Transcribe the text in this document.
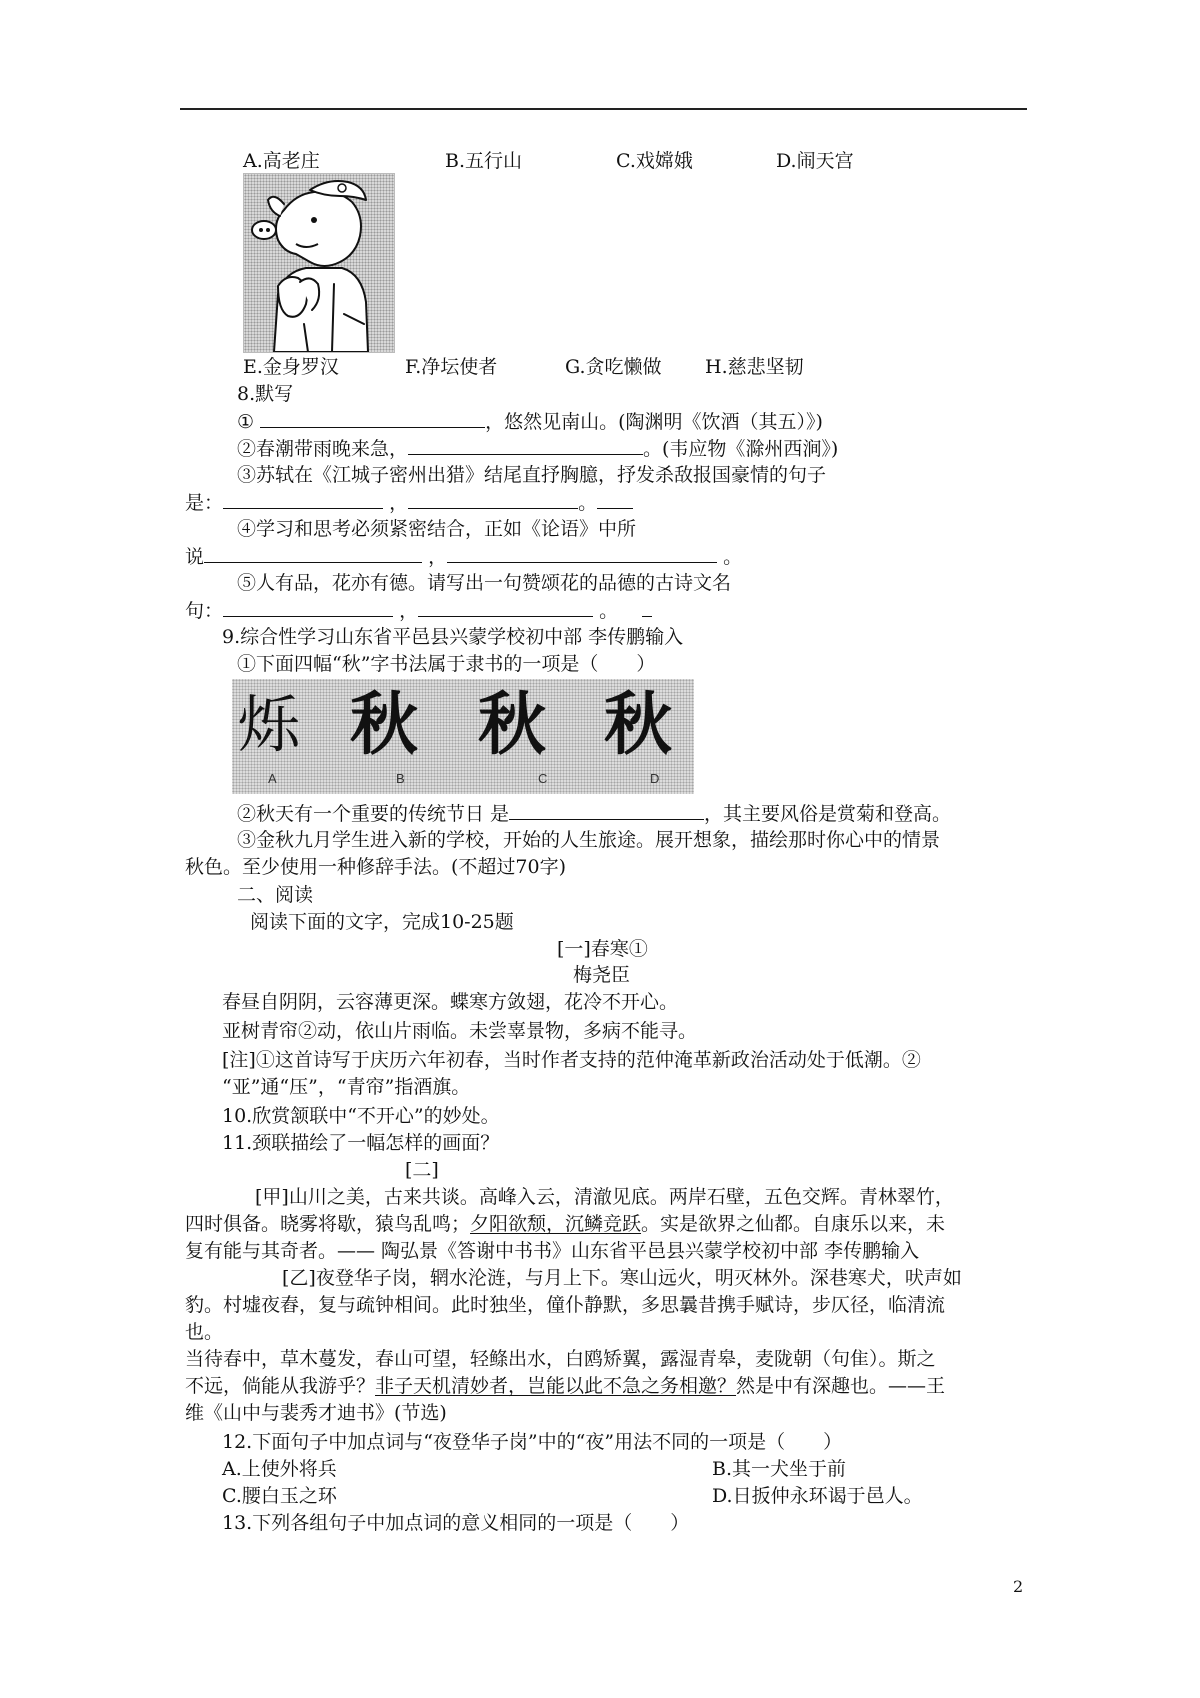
A.高老庄	B.五行山	C.戏嫦娥	D.闹天宫
E.金身罗汉	F.净坛使者	G.贪吃懒做 H.慈悲坚韧
8.默写
①	，悠然见南山。(陶渊明《饮酒（其五）》)
②春潮带雨晚来急，	。(韦应物《滁州西涧》)
③苏轼在《江城子密州出猎》结尾直抒胸臆，抒发杀敌报国豪情的句子
是：	，	。
④学习和思考必须紧密结合，正如《论语》中所
说	，	。
⑤人有品，花亦有德。请写出一句赞颂花的品德的古诗文名
句：	，	。
9.综合性学习山东省平邑县兴蒙学校初中部 李传鹏输入
①下面四幅“秋”字书法属于隶书的一项是（　　）
烁 秋 秋 秋
A	B	C	D
②秋天有一个重要的传统节日 是	，其主要风俗是赏菊和登高。
③金秋九月学生进入新的学校，开始的人生旅途。展开想象，描绘那时你心中的情景
秋色。至少使用一种修辞手法。(不超过70字)
二、阅读
阅读下面的文字，完成10-25题
[一]春寒①
梅尧臣
春昼自阴阴，云容薄更深。蝶寒方敛翅，花冷不开心。
亚树青帘②动，依山片雨临。未尝辜景物，多病不能寻。
[注]①这首诗写于庆历六年初春，当时作者支持的范仲淹革新政治活动处于低潮。②
“亚”通“压”，“青帘”指酒旗。
10.欣赏颔联中“不开心”的妙处。
11.颈联描绘了一幅怎样的画面？
[二]
[甲]山川之美，古来共谈。高峰入云，清澈见底。两岸石壁，五色交辉。青林翠竹，
四时俱备。晓雾将歇，猿鸟乱鸣；夕阳欲颓，沉鳞竞跃。实是欲界之仙都。自康乐以来，未
复有能与其奇者。—— 陶弘景《答谢中书书》山东省平邑县兴蒙学校初中部 李传鹏输入
[乙]夜登华子岗，辋水沦涟，与月上下。寒山远火，明灭林外。深巷寒犬，吠声如
豹。村墟夜舂，复与疏钟相间。此时独坐，僮仆静默，多思曩昔携手赋诗，步仄径，临清流
也。
当待春中，草木蔓发，春山可望，轻鲦出水，白鸥矫翼，露湿青皋，麦陇朝（句隹）。斯之
不远，倘能从我游乎？非子天机清妙者，岂能以此不急之务相邀？然是中有深趣也。——王
维《山中与裴秀才迪书》(节选)
12.下面句子中加点词与“夜登华子岗”中的“夜”用法不同的一项是（　　）
A.上使外将兵	B.其一犬坐于前
C.腰白玉之环	D.日扳仲永环谒于邑人。
13.下列各组句子中加点词的意义相同的一项是（　　）
2
